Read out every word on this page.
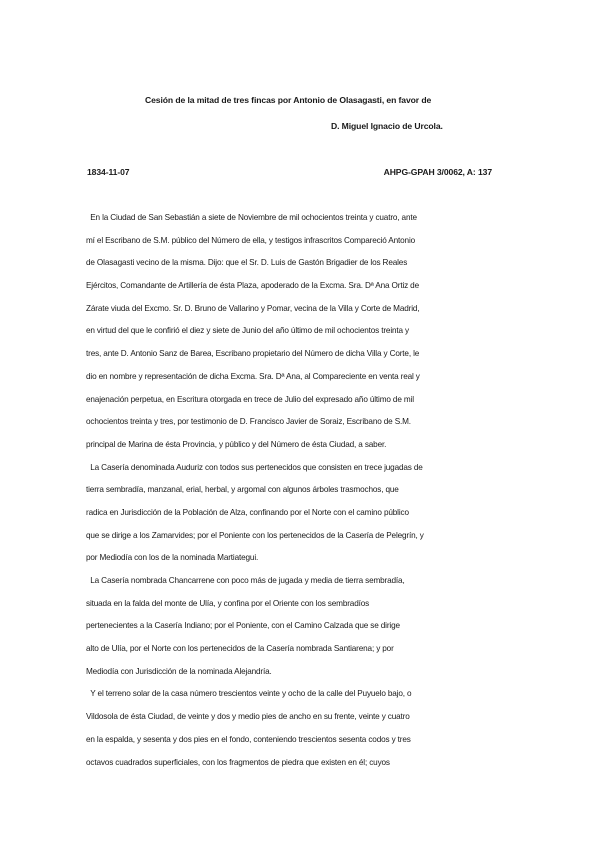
Cesión de la mitad de tres fincas por Antonio de Olasagasti, en favor de
D. Miguel Ignacio de Urcola.
1834-11-07	AHPG-GPAH 3/0062, A: 137
En la Ciudad de San Sebastián a siete de Noviembre de mil ochocientos treinta y cuatro, ante
mí el Escribano de S.M. público del Número de ella, y testigos infrascritos Compareció Antonio
de Olasagasti vecino de la misma. Dijo: que el Sr. D. Luis de Gastón Brigadier de los Reales
Ejércitos, Comandante de Artillería de ésta Plaza, apoderado de la Excma. Sra. Dª Ana Ortiz de
Zárate viuda del Excmo. Sr. D. Bruno de Vallarino y Pomar, vecina de la Villa y Corte de Madrid,
en virtud del que le confirió el diez y siete de Junio del año último de mil ochocientos treinta y
tres, ante D. Antonio Sanz de Barea, Escribano propietario del Número de dicha Villa y Corte, le
dio en nombre y representación de dicha Excma. Sra. Dª Ana, al Compareciente en venta real y
enajenación perpetua, en Escritura otorgada en trece de Julio del expresado año último de mil
ochocientos treinta y tres, por testimonio de D. Francisco Javier de Soraiz, Escribano de S.M.
principal de Marina de ésta Provincia, y público y del Número de ésta Ciudad, a saber.
La Casería denominada Auduriz con todos sus pertenecidos que consisten en trece jugadas de
tierra sembradía, manzanal, erial, herbal, y argomal con algunos árboles trasmochos, que
radica en Jurisdicción de la Población de Alza, confinando por el Norte con el camino público
que se dirige a los Zamarvides; por el Poniente con los pertenecidos de la Casería de Pelegrín, y
por Mediodía con los de la nominada Martiategui.
La Casería nombrada Chancarrene con poco más de jugada y media de tierra sembradía,
situada en la falda del monte de Ulía, y confina por el Oriente con los sembradíos
pertenecientes a la Casería Indiano; por el Poniente, con el Camino Calzada que se dirige
alto de Ulía, por el Norte con los pertenecidos de la Casería nombrada Santiarena; y por
Mediodía con Jurisdicción de la nominada Alejandría.
Y el terreno solar de la casa número trescientos veinte y ocho de la calle del Puyuelo bajo, o
Vildosola de ésta Ciudad, de veinte y dos y medio pies de ancho en su frente, veinte y cuatro
en la espalda, y sesenta y dos pies en el fondo, conteniendo trescientos sesenta codos y tres
octavos cuadrados superficiales, con los fragmentos de piedra que existen en él; cuyos
